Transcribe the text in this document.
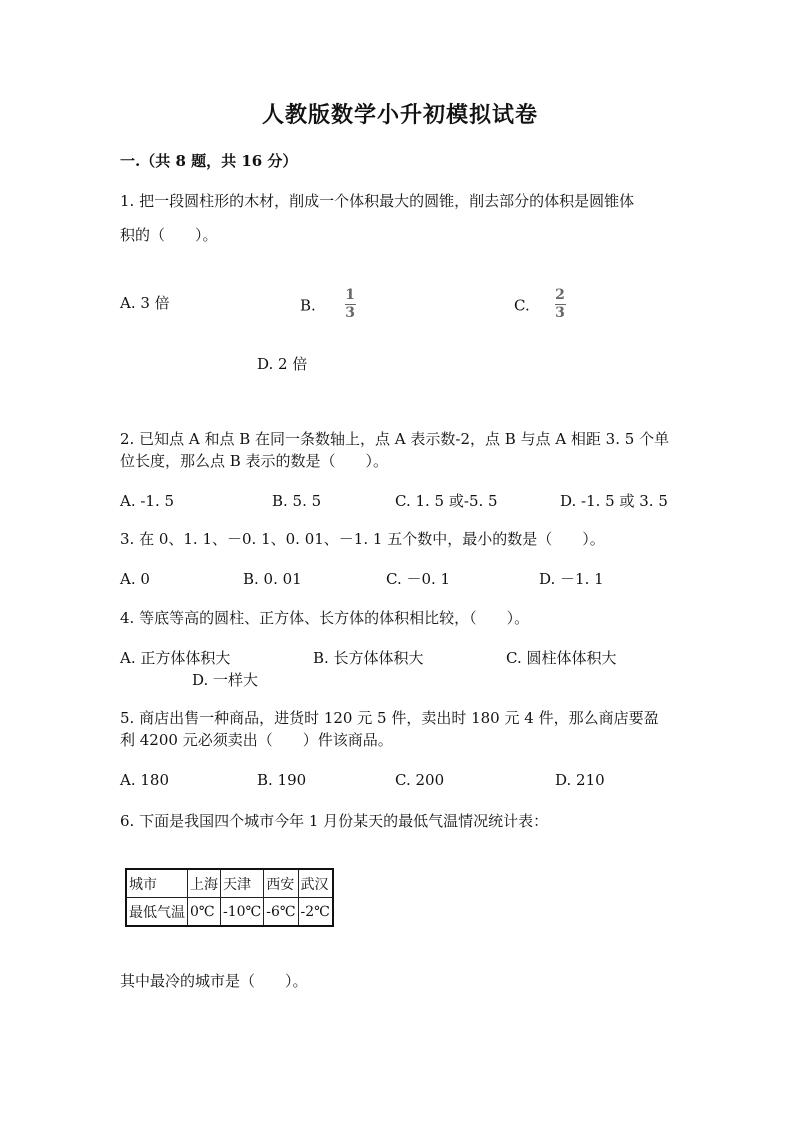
人教版数学小升初模拟试卷
一.（共 8 题，共 16 分）
1. 把一段圆柱形的木材，削成一个体积最大的圆锥，削去部分的体积是圆锥体
积的（　　）。
A. 3 倍	B. $\frac{1}{3}$	C. $\frac{2}{3}$
D. 2 倍
2. 已知点 A 和点 B 在同一条数轴上，点 A 表示数-2，点 B 与点 A 相距 3. 5 个单
位长度，那么点 B 表示的数是（　　）。
A. -1. 5	B. 5. 5	C. 1. 5 或-5. 5	D. -1. 5 或 3. 5
3. 在 0、1. 1、－0. 1、0. 01、－1. 1 五个数中，最小的数是（　　）。
A. 0	B. 0. 01	C. －0. 1	D. －1. 1
4. 等底等高的圆柱、正方体、长方体的体积相比较，（　　）。
A. 正方体体积大	B. 长方体体积大	C. 圆柱体体积大
D. 一样大
5. 商店出售一种商品，进货时 120 元 5 件，卖出时 180 元 4 件，那么商店要盈
利 4200 元必须卖出（　　）件该商品。
A. 180	B. 190	C. 200	D. 210
6. 下面是我国四个城市今年 1 月份某天的最低气温情况统计表：
城市	上海	天津	西安	武汉
最低气温	0℃	-10℃	-6℃	-2℃
其中最冷的城市是（　　）。
